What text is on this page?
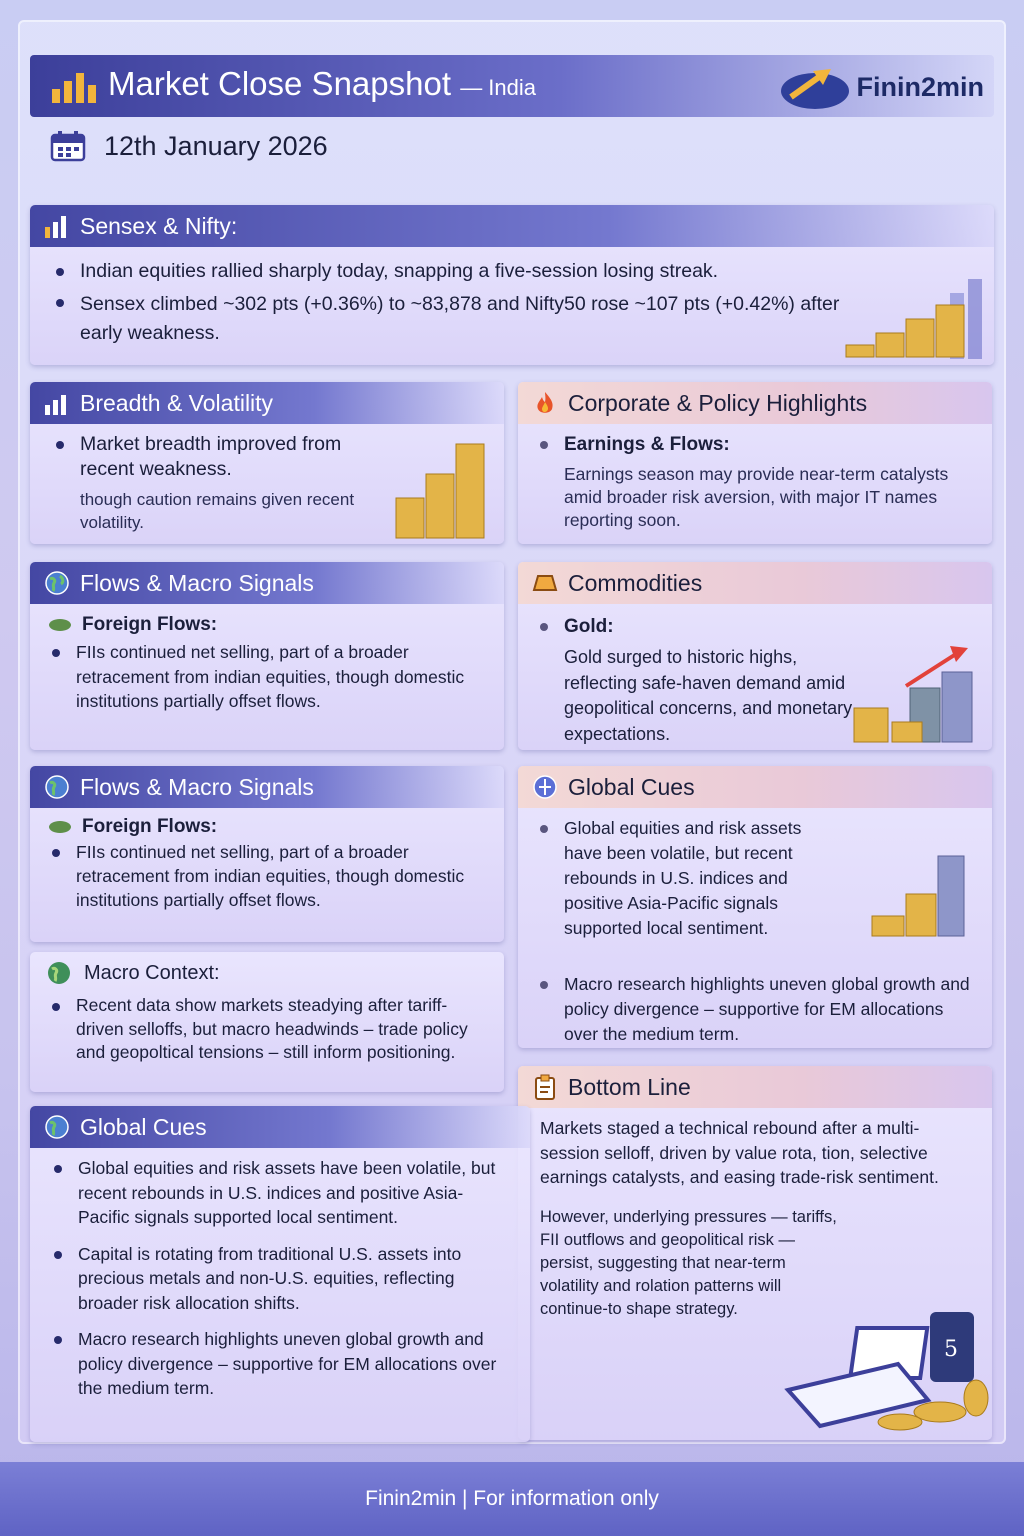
Market Close Snapshot — India	Finin2min
12th January 2026
Sensex & Nifty:
Indian equities rallied sharply today, snapping a five-session losing streak.
Sensex climbed ~302 pts (+0.36%) to ~83,878 and Nifty50 rose ~107 pts (+0.42%) after early weakness.
Breadth & Volatility
Market breadth improved from recent weakness.
though caution remains given recent volatility.
Corporate & Policy Highlights
Earnings & Flows:
Earnings season may provide near-term catalysts amid broader risk aversion, with major IT names reporting soon.
Flows & Macro Signals
Foreign Flows:
FIIs continued net selling, part of a broader retracement from indian equities, though domestic institutions partially offset flows.
Commodities
Gold:
Gold surged to historic highs, reflecting safe-haven demand amid geopolitical concerns, and monetary expectations.
Flows & Macro Signals
Foreign Flows:
FIIs continued net selling, part of a broader retracement from indian equities, though domestic institutions partially offset flows.
Global Cues
Global equities and risk assets have been volatile, but recent rebounds in U.S. indices and positive Asia-Pacific signals supported local sentiment.
Macro research highlights uneven global growth and policy divergence – supportive for EM allocations over the medium term.
Macro Context:
Recent data show markets steadying after tariff-driven selloffs, but macro headwinds – trade policy and geopoltical tensions – still inform positioning.
Bottom Line
Markets staged a technical rebound after a multi-session selloff, driven by value rota, tion, selective earnings catalysts, and easing trade-risk sentiment.
However, underlying pressures — tariffs, FII outflows and geopolitical risk — persist, suggesting that near-term volatility and rolation patterns will continue-to shape strategy.
5
Global Cues
Global equities and risk assets have been volatile, but recent rebounds in U.S. indices and positive Asia-Pacific signals supported local sentiment.
Capital is rotating from traditional U.S. assets into precious metals and non-U.S. equities, reflecting broader risk allocation shifts.
Macro research highlights uneven global growth and policy divergence – supportive for EM allocations over the medium term.
Finin2min | For information only
